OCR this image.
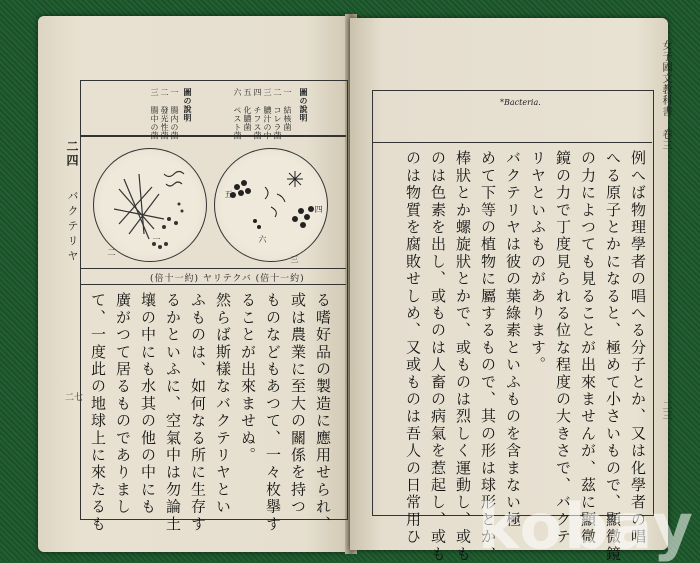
二四
バクテリヤ
二七
圖の說明
一 結核菌
二 コレラ菌
三 膿汁の中
四 チフス菌
五 化膿菌
六 ペスト菌
圖の說明
一 腸内の菌
二 發光性菌
三 腸中の菌
二
一
五
四
六
三
(倍十一約) ヤリテクバ (倍十一約)
る嗜好品の製造に應用せられ、
或は農業に至大の關係を持つ
ものなどもあつて、一々枚擧す
ることが出來ませぬ。
然らば斯樣なバクテリヤとい
ふものは、如何なる所に生存す
るかといふに、空氣中は勿論土
壤の中にも水其の他の中にも
廣がつて居るものでありまし
て、一度此の地球上に來たるも
*Bacteria.	女子國文教科書 卷三
二三
例へば物理學者の唱へる分子とか、又は化學者の唱
へる原子とかになると、極めて小さいもので、顯微鏡
の力によつても見ることが出來ませんが、茲に顯微
鏡の力で丁度見られる位な程度の大きさで、バクテ
リヤといふものがあります。
バクテリヤは彼の葉綠素といふものを含まない極
めて下等の植物に屬するもので、其の形は球形とか、
棒狀とか螺旋狀とかで、或ものは烈しく運動し、或も
のは色素を出し、或ものは人畜の病氣を惹起し、或も
のは物質を腐敗せしめ、又或ものは吾人の日常用ひ kobay
